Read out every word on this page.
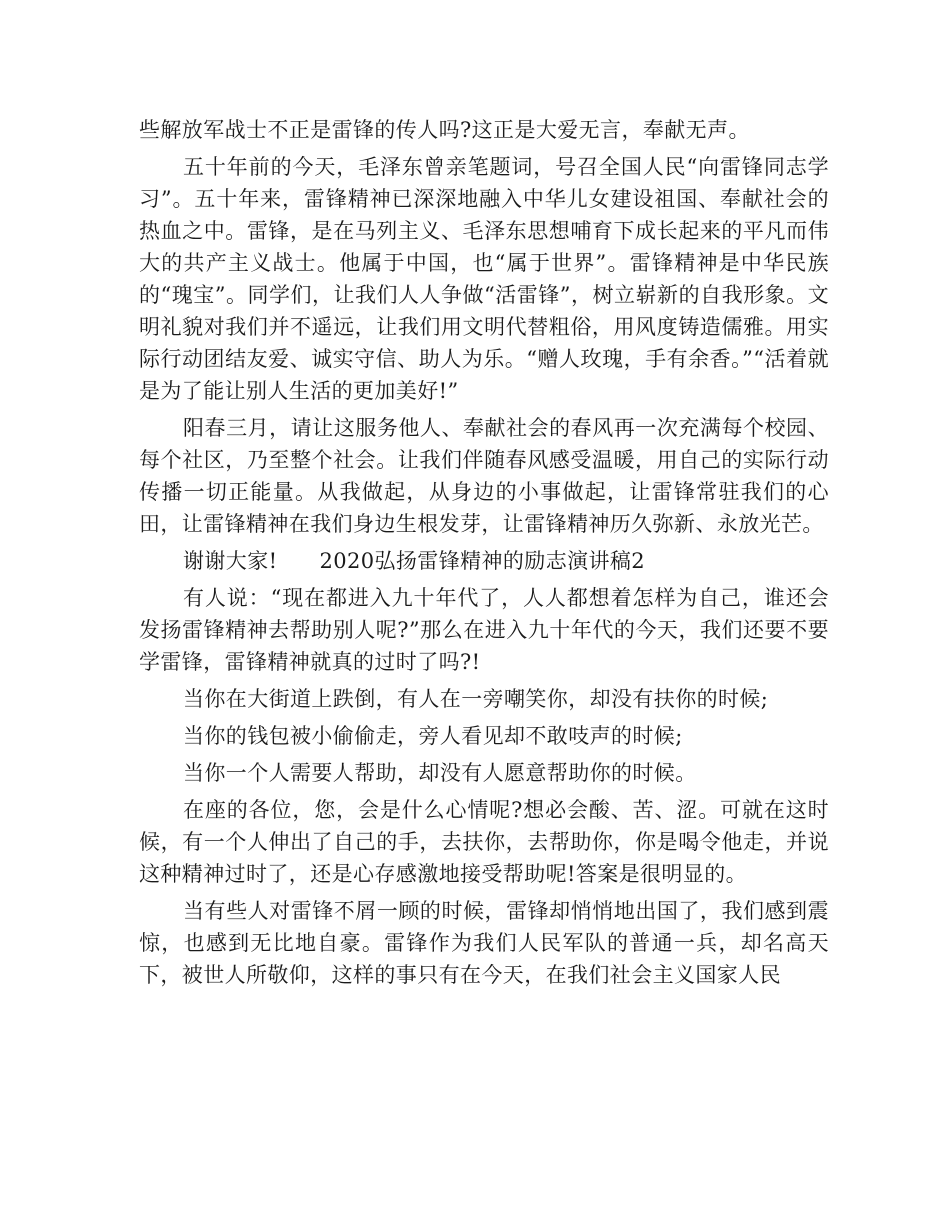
些解放军战士不正是雷锋的传人吗?这正是大爱无言，奉献无声。

五十年前的今天，毛泽东曾亲笔题词，号召全国人民“向雷锋同志学习”。五十年来，雷锋精神已深深地融入中华儿女建设祖国、奉献社会的热血之中。雷锋，是在马列主义、毛泽东思想哺育下成长起来的平凡而伟大的共产主义战士。他属于中国，也“属于世界”。雷锋精神是中华民族的“瑰宝”。同学们，让我们人人争做“活雷锋”，树立崭新的自我形象。文明礼貌对我们并不遥远，让我们用文明代替粗俗，用风度铸造儒雅。用实际行动团结友爱、诚实守信、助人为乐。“赠人玫瑰，手有余香。”“活着就是为了能让别人生活的更加美好!”

阳春三月，请让这服务他人、奉献社会的春风再一次充满每个校园、每个社区，乃至整个社会。让我们伴随春风感受温暖，用自己的实际行动传播一切正能量。从我做起，从身边的小事做起，让雷锋常驻我们的心田，让雷锋精神在我们身边生根发芽，让雷锋精神历久弥新、永放光芒。

谢谢大家! 2020弘扬雷锋精神的励志演讲稿2

有人说：“现在都进入九十年代了，人人都想着怎样为自己，谁还会发扬雷锋精神去帮助别人呢?”那么在进入九十年代的今天，我们还要不要学雷锋，雷锋精神就真的过时了吗?!

当你在大街道上跌倒，有人在一旁嘲笑你，却没有扶你的时候;

当你的钱包被小偷偷走，旁人看见却不敢吱声的时候;

当你一个人需要人帮助，却没有人愿意帮助你的时候。

在座的各位，您，会是什么心情呢?想必会酸、苦、涩。可就在这时候，有一个人伸出了自己的手，去扶你，去帮助你，你是喝令他走，并说这种精神过时了，还是心存感激地接受帮助呢!答案是很明显的。

当有些人对雷锋不屑一顾的时候，雷锋却悄悄地出国了，我们感到震惊，也感到无比地自豪。雷锋作为我们人民军队的普通一兵，却名高天下，被世人所敬仰，这样的事只有在今天，在我们社会主义国家人民
